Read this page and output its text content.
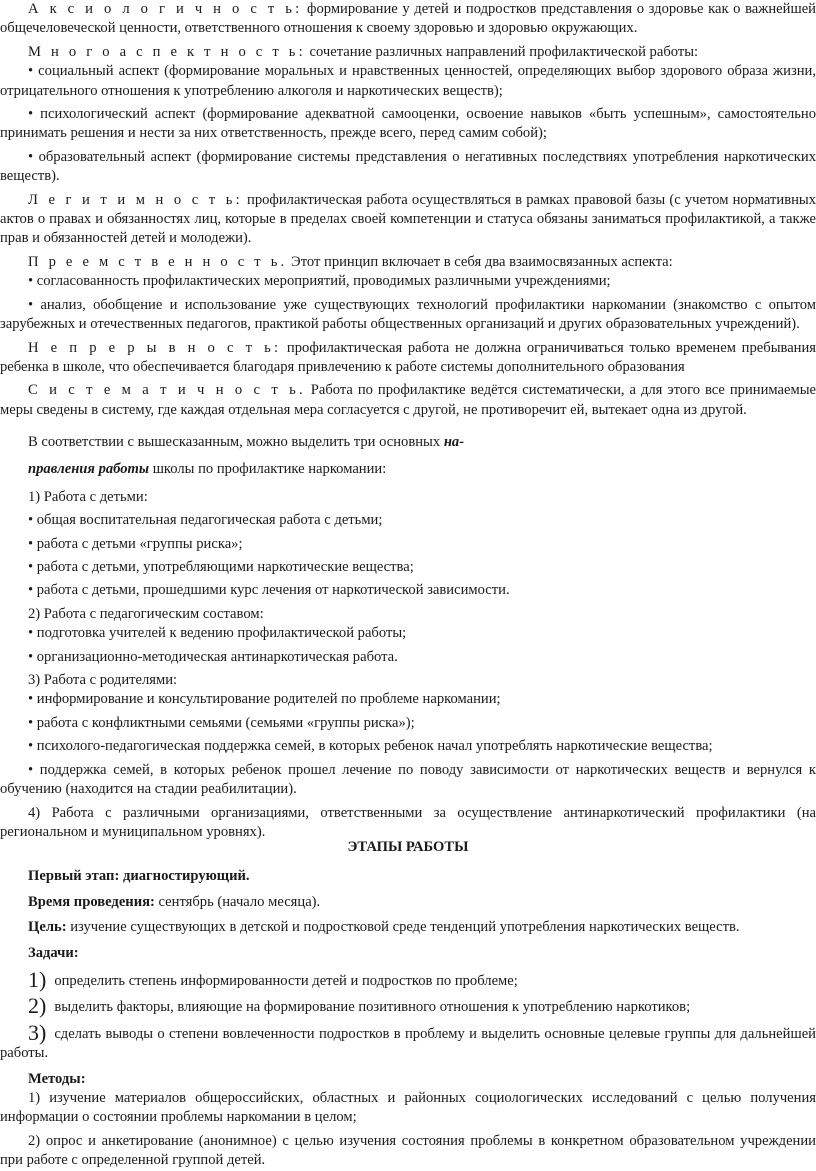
А к с и о л о г и ч н о с т ь: формирование у детей и подростков представления о здоровье как о важнейшей общечеловеческой ценности, ответственного отношения к своему здоровью и здоровью окружающих.

М н о г о а с п е к т н о с т ь: сочетание различных направлений профилактической работы:

• социальный аспект (формирование моральных и нравственных ценностей, определяющих выбор здорового образа жизни, отрицательного отношения к употреблению алкоголя и наркотических веществ);

• психологический аспект (формирование адекватной самооценки, освоение навыков «быть успешным», самостоятельно принимать решения и нести за них ответственность, прежде всего, перед самим собой);

• образовательный аспект (формирование системы представления о негативных последствиях употребления наркотических веществ).

Л е г и т и м н о с т ь: профилактическая работа осуществляться в рамках правовой базы (с учетом нормативных актов о правах и обязанностях лиц, которые в пределах своей компетенции и статуса обязаны заниматься профилактикой, а также прав и обязанностей детей и молодежи).

П р е е м с т в е н н о с т ь. Этот принцип включает в себя два взаимосвязанных аспекта:

• согласованность профилактических мероприятий, проводимых различными учреждениями;

• анализ, обобщение и использование уже существующих технологий профилактики наркомании (знакомство с опытом зарубежных и отечественных педагогов, практикой работы общественных организаций и других образовательных учреждений).

Н е п р е р ы в н о с т ь: профилактическая работа не должна ограничиваться только временем пребывания ребенка в школе, что обеспечивается благодаря привлечению к работе системы дополнительного образования

С и с т е м а т и ч н о с т ь. Работа по профилактике ведётся систематически, а для этого все принимаемые меры сведены в систему, где каждая отдельная мера согласуется с другой, не противоречит ей, вытекает одна из другой.

В соответствии с вышесказанным, можно выделить три основных на-

правления работы школы по профилактике наркомании:

1) Работа с детьми:

• общая воспитательная педагогическая работа с детьми;

• работа с детьми «группы риска»;

• работа с детьми, употребляющими наркотические вещества;

• работа с детьми, прошедшими курс лечения от наркотической зависимости.

2) Работа с педагогическим составом:

• подготовка учителей к ведению профилактической работы;

• организационно-методическая антинаркотическая работа.

3) Работа с родителями:

• информирование и консультирование родителей по проблеме наркомании;

• работа с конфликтными семьями (семьями «группы риска»);

• психолого-педагогическая поддержка семей, в которых ребенок начал употреблять наркотические вещества;

• поддержка семей, в которых ребенок прошел лечение по поводу зависимости от наркотических веществ и вернулся к обучению (находится на стадии реабилитации).

4) Работа с различными организациями, ответственными за осуществление антинаркотический профилактики (на региональном и муниципальном уровнях).

ЭТАПЫ РАБОТЫ

Первый этап: диагностирующий.

Время проведения: сентябрь (начало месяца).

Цель: изучение существующих в детской и подростковой среде тенденций употребления наркотических веществ.

Задачи:

1) определить степень информированности детей и подростков по проблеме;

2) выделить факторы, влияющие на формирование позитивного отношения к употреблению наркотиков;

3) сделать выводы о степени вовлеченности подростков в проблему и выделить основные целевые группы для дальнейшей работы.

Методы:

1) изучение материалов общероссийских, областных и районных социологических исследований с целью получения информации о состоянии проблемы наркомании в целом;

2) опрос и анкетирование (анонимное) с целью изучения состояния проблемы в конкретном образовательном учреждении при работе с определенной группой детей.
